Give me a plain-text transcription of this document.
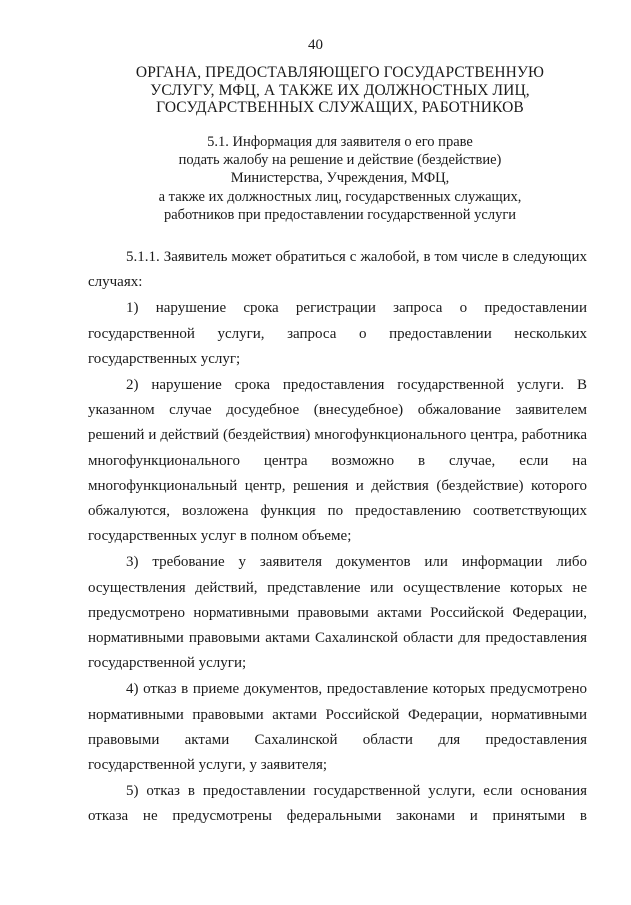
40
ОРГАНА, ПРЕДОСТАВЛЯЮЩЕГО ГОСУДАРСТВЕННУЮ
УСЛУГУ, МФЦ, А ТАКЖЕ ИХ ДОЛЖНОСТНЫХ ЛИЦ,
ГОСУДАРСТВЕННЫХ СЛУЖАЩИХ, РАБОТНИКОВ
5.1. Информация для заявителя о его праве
подать жалобу на решение и действие (бездействие)
Министерства, Учреждения, МФЦ,
а также их должностных лиц, государственных служащих,
работников при предоставлении государственной услуги

5.1.1. Заявитель может обратиться с жалобой, в том числе в следующих случаях:

1) нарушение срока регистрации запроса о предоставлении государственной услуги, запроса о предоставлении нескольких государственных услуг;

2) нарушение срока предоставления государственной услуги. В указанном случае досудебное (внесудебное) обжалование заявителем решений и действий (бездействия) многофункционального центра, работника многофункционального центра возможно в случае, если на многофункциональный центр, решения и действия (бездействие) которого обжалуются, возложена функция по предоставлению соответствующих государственных услуг в полном объеме;

3) требование у заявителя документов или информации либо осуществления действий, представление или осуществление которых не предусмотрено нормативными правовыми актами Российской Федерации, нормативными правовыми актами Сахалинской области для предоставления государственной услуги;

4) отказ в приеме документов, предоставление которых предусмотрено нормативными правовыми актами Российской Федерации, нормативными правовыми актами Сахалинской области для предоставления государственной услуги, у заявителя;

5) отказ в предоставлении государственной услуги, если основания отказа не предусмотрены федеральными законами и принятыми в
